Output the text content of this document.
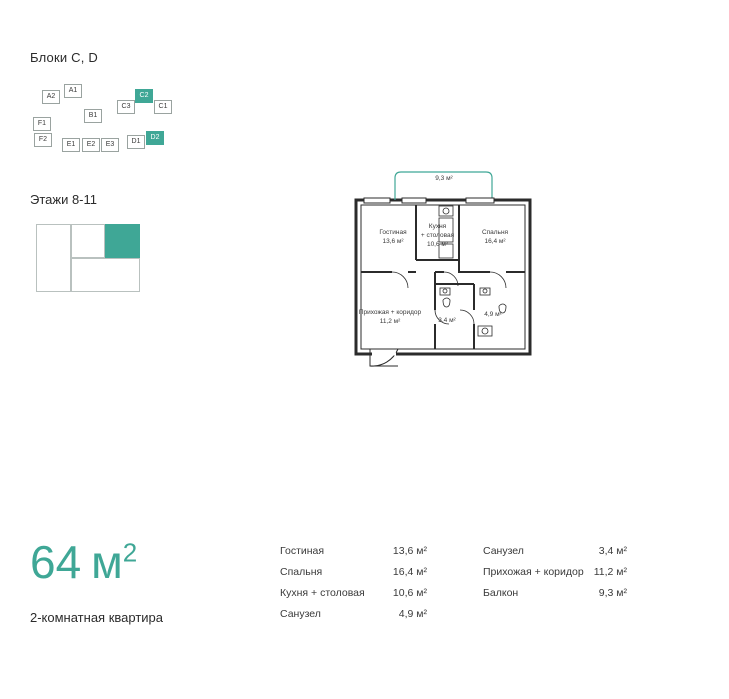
Блоки C, D
A2
A1
B1
C3
C2
C1
F1
F2
E1	E2	E3	D1
D2
Этажи 8-11
Гостиная
13,6 м²
Кухня
+ столовая
10,6 м²
Спальня
16,4 м²
Прихожая + коридор
11,2 м²	3,4 м²
4,9 м²
9,3 м²
64 $м^2$
2-комнатная квартира
Гостиная	13,6 м²
Спальня	16,4 м²
Кухня + столовая	10,6 м²
Санузел	4,9 м²
Санузел	3,4 м²
Прихожая + коридор 11,2 м²
Балкон	9,3 м²
